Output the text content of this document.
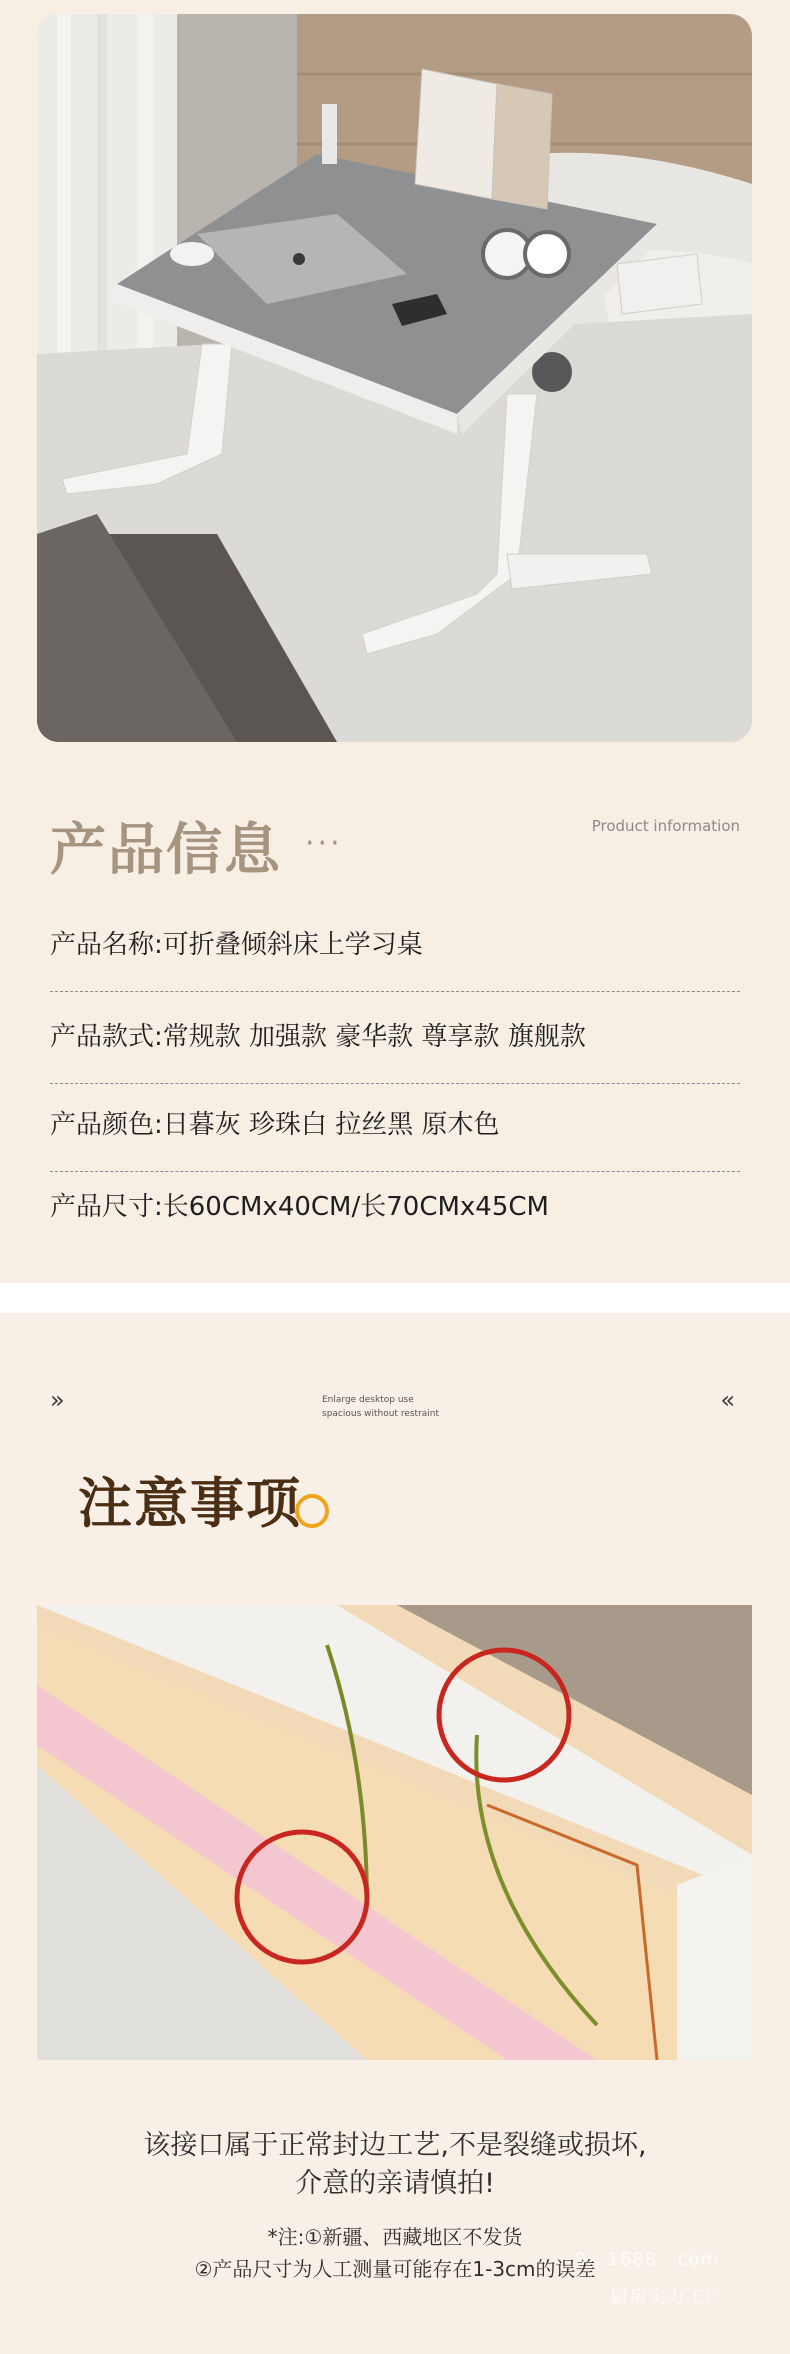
产品信息 ···	Product information
产品名称:可折叠倾斜床上学习桌
产品款式:常规款 加强款 豪华款 尊享款 旗舰款
产品颜色:日暮灰 珍珠白 拉丝黑 原木色
产品尺寸:长60CMx40CM/长70CMx45CM
»	Enlarge desktop use
spacious without restraint	«
注意事项
该接口属于正常封边工艺,不是裂缝或损坏,
介意的亲请慎拍!
*注:①新疆、西藏地区不发货
②产品尺寸为人工测量可能存在1-3cm的误差
9 . 1688 . com
厨房实力工厂
